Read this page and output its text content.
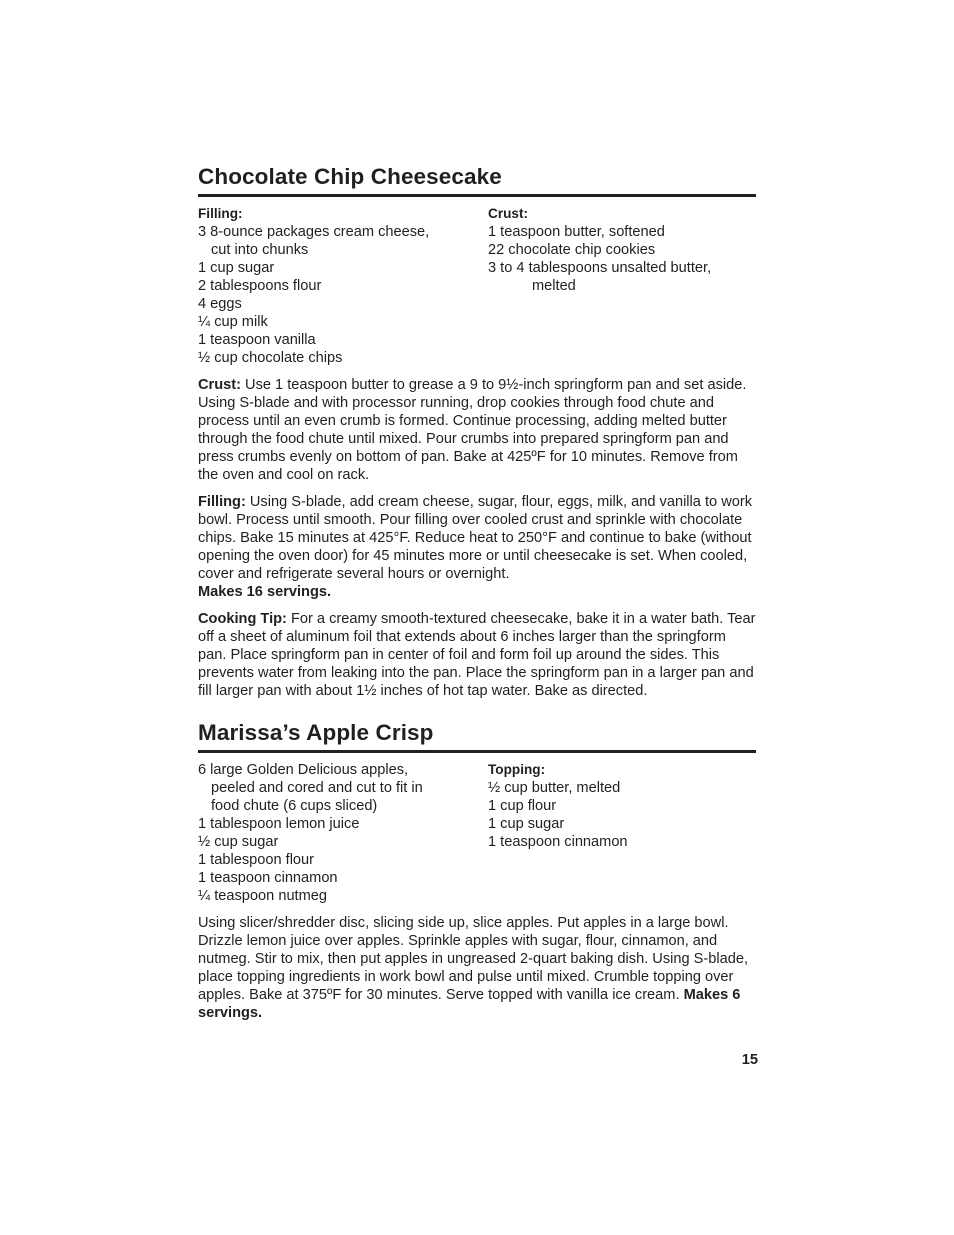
Chocolate Chip Cheesecake
Filling:
3 8-ounce packages cream cheese,
cut into chunks
1 cup sugar
2 tablespoons flour
4 eggs
¼ cup milk
1 teaspoon vanilla
½ cup chocolate chips
Crust:
1 teaspoon butter, softened
22 chocolate chip cookies
3 to 4 tablespoons unsalted butter,
melted

Crust: Use 1 teaspoon butter to grease a 9 to 9½-inch springform pan and set aside. Using S-blade and with processor running, drop cookies through food chute and process until an even crumb is formed. Continue processing, adding melted butter through the food chute until mixed. Pour crumbs into prepared springform pan and press crumbs evenly on bottom of pan. Bake at 425ºF for 10 minutes. Remove from the oven and cool on rack.

Filling: Using S-blade, add cream cheese, sugar, flour, eggs, milk, and vanilla to work bowl. Process until smooth. Pour filling over cooled crust and sprinkle with chocolate chips. Bake 15 minutes at 425°F. Reduce heat to 250°F and continue to bake (without opening the oven door) for 45 minutes more or until cheesecake is set. When cooled, cover and refrigerate several hours or overnight.
Makes 16 servings.

Cooking Tip: For a creamy smooth-textured cheesecake, bake it in a water bath. Tear off a sheet of aluminum foil that extends about 6 inches larger than the springform pan. Place springform pan in center of foil and form foil up around the sides. This prevents water from leaking into the pan. Place the springform pan in a larger pan and fill larger pan with about 1½ inches of hot tap water. Bake as directed.

Marissa’s Apple Crisp
6 large Golden Delicious apples,
peeled and cored and cut to fit in
food chute (6 cups sliced)
1 tablespoon lemon juice
½ cup sugar
1 tablespoon flour
1 teaspoon cinnamon
¼ teaspoon nutmeg
Topping:
½ cup butter, melted
1 cup flour
1 cup sugar
1 teaspoon cinnamon

Using slicer/shredder disc, slicing side up, slice apples. Put apples in a large bowl. Drizzle lemon juice over apples. Sprinkle apples with sugar, flour, cinnamon, and nutmeg. Stir to mix, then put apples in ungreased 2-quart baking dish. Using S-blade, place topping ingredients in work bowl and pulse until mixed. Crumble topping over apples. Bake at 375ºF for 30 minutes. Serve topped with vanilla ice cream. Makes 6 servings.

15
